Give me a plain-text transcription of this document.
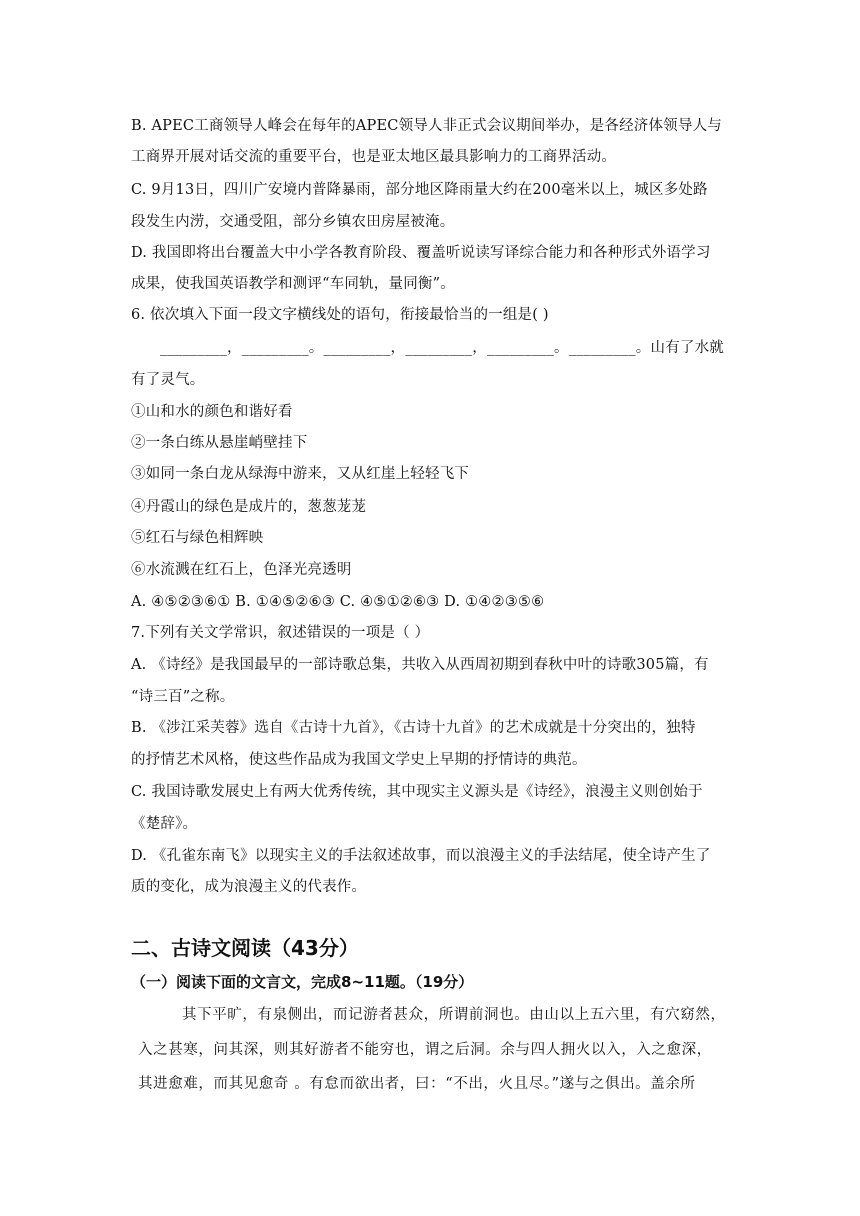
B. APEC工商领导人峰会在每年的APEC领导人非正式会议期间举办，是各经济体领导人与
工商界开展对话交流的重要平台，也是亚太地区最具影响力的工商界活动。
C. 9月13日，四川广安境内普降暴雨，部分地区降雨量大约在200毫米以上，城区多处路
段发生内涝，交通受阻，部分乡镇农田房屋被淹。
D. 我国即将出台覆盖大中小学各教育阶段、覆盖听说读写译综合能力和各种形式外语学习
成果，使我国英语教学和测评“车同轨，量同衡”。
6. 依次填入下面一段文字横线处的语句，衔接最恰当的一组是( )
_________，_________。_________，_________，_________。_________。山有了水就
有了灵气。
①山和水的颜色和谐好看
②一条白练从悬崖峭壁挂下
③如同一条白龙从绿海中游来，又从红崖上轻轻飞下
④丹霞山的绿色是成片的，葱葱茏茏
⑤红石与绿色相辉映
⑥水流溅在红石上，色泽光亮透明
A. ④⑤②③⑥① B. ①④⑤②⑥③ C. ④⑤①②⑥③ D. ①④②③⑤⑥
7.下列有关文学常识，叙述错误的一项是（ ）
A. 《诗经》是我国最早的一部诗歌总集，共收入从西周初期到春秋中叶的诗歌305篇，有
“诗三百”之称。
B. 《涉江采芙蓉》选自《古诗十九首》，《古诗十九首》的艺术成就是十分突出的，独特
的抒情艺术风格，使这些作品成为我国文学史上早期的抒情诗的典范。
C. 我国诗歌发展史上有两大优秀传统，其中现实主义源头是《诗经》，浪漫主义则创始于
《楚辞》。
D. 《孔雀东南飞》以现实主义的手法叙述故事，而以浪漫主义的手法结尾，使全诗产生了
质的变化，成为浪漫主义的代表作。
二、古诗文阅读（43分）
（一）阅读下面的文言文，完成8~11题。（19分）
其下平旷，有泉侧出，而记游者甚众，所谓前洞也。由山以上五六里，有穴窈然，
入之甚寒，问其深，则其好游者不能穷也，谓之后洞。余与四人拥火以入，入之愈深，
其进愈难，而其见愈奇 。有怠而欲出者，曰：“不出，火且尽。”遂与之俱出。盖余所
